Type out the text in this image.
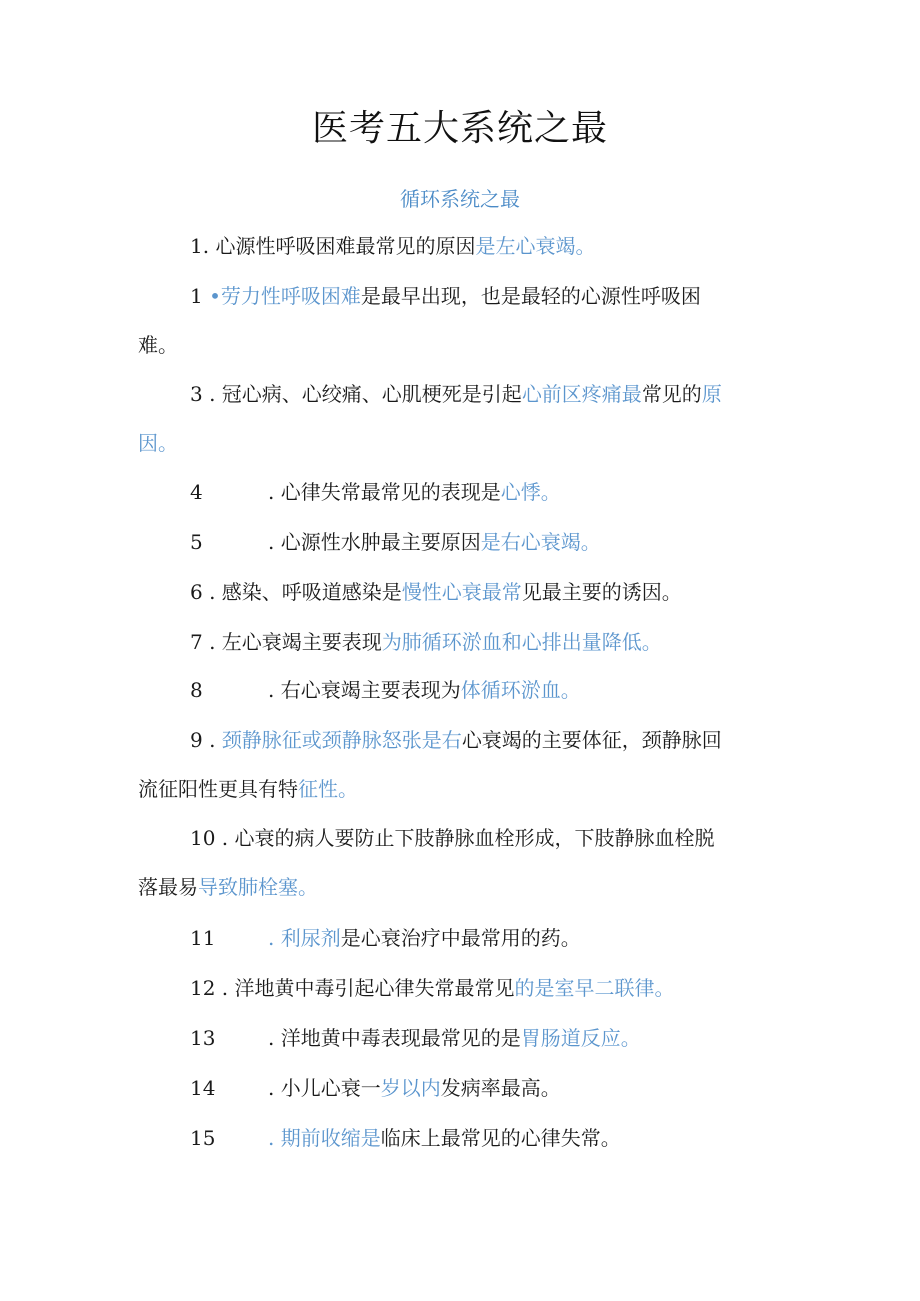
医考五大系统之最
循环系统之最
1. 心源性呼吸困难最常见的原因是左心衰竭。
1 •劳力性呼吸困难是最早出现，也是最轻的心源性呼吸困
难。
3 . 冠心病、心绞痛、心肌梗死是引起心前区疼痛最常见的原
因。
4	. 心律失常最常见的表现是心悸。
5	. 心源性水肿最主要原因是右心衰竭。
6 . 感染、呼吸道感染是慢性心衰最常见最主要的诱因。
7 . 左心衰竭主要表现为肺循环淤血和心排出量降低。
8	. 右心衰竭主要表现为体循环淤血。
9 . 颈静脉征或颈静脉怒张是右心衰竭的主要体征，颈静脉回
流征阳性更具有特征性。
10 . 心衰的病人要防止下肢静脉血栓形成，下肢静脉血栓脱
落最易导致肺栓塞。
11	. 利尿剂是心衰治疗中最常用的药。
12 . 洋地黄中毒引起心律失常最常见的是室早二联律。
13	. 洋地黄中毒表现最常见的是胃肠道反应。
14	. 小儿心衰一岁以内发病率最高。
15	. 期前收缩是临床上最常见的心律失常。
